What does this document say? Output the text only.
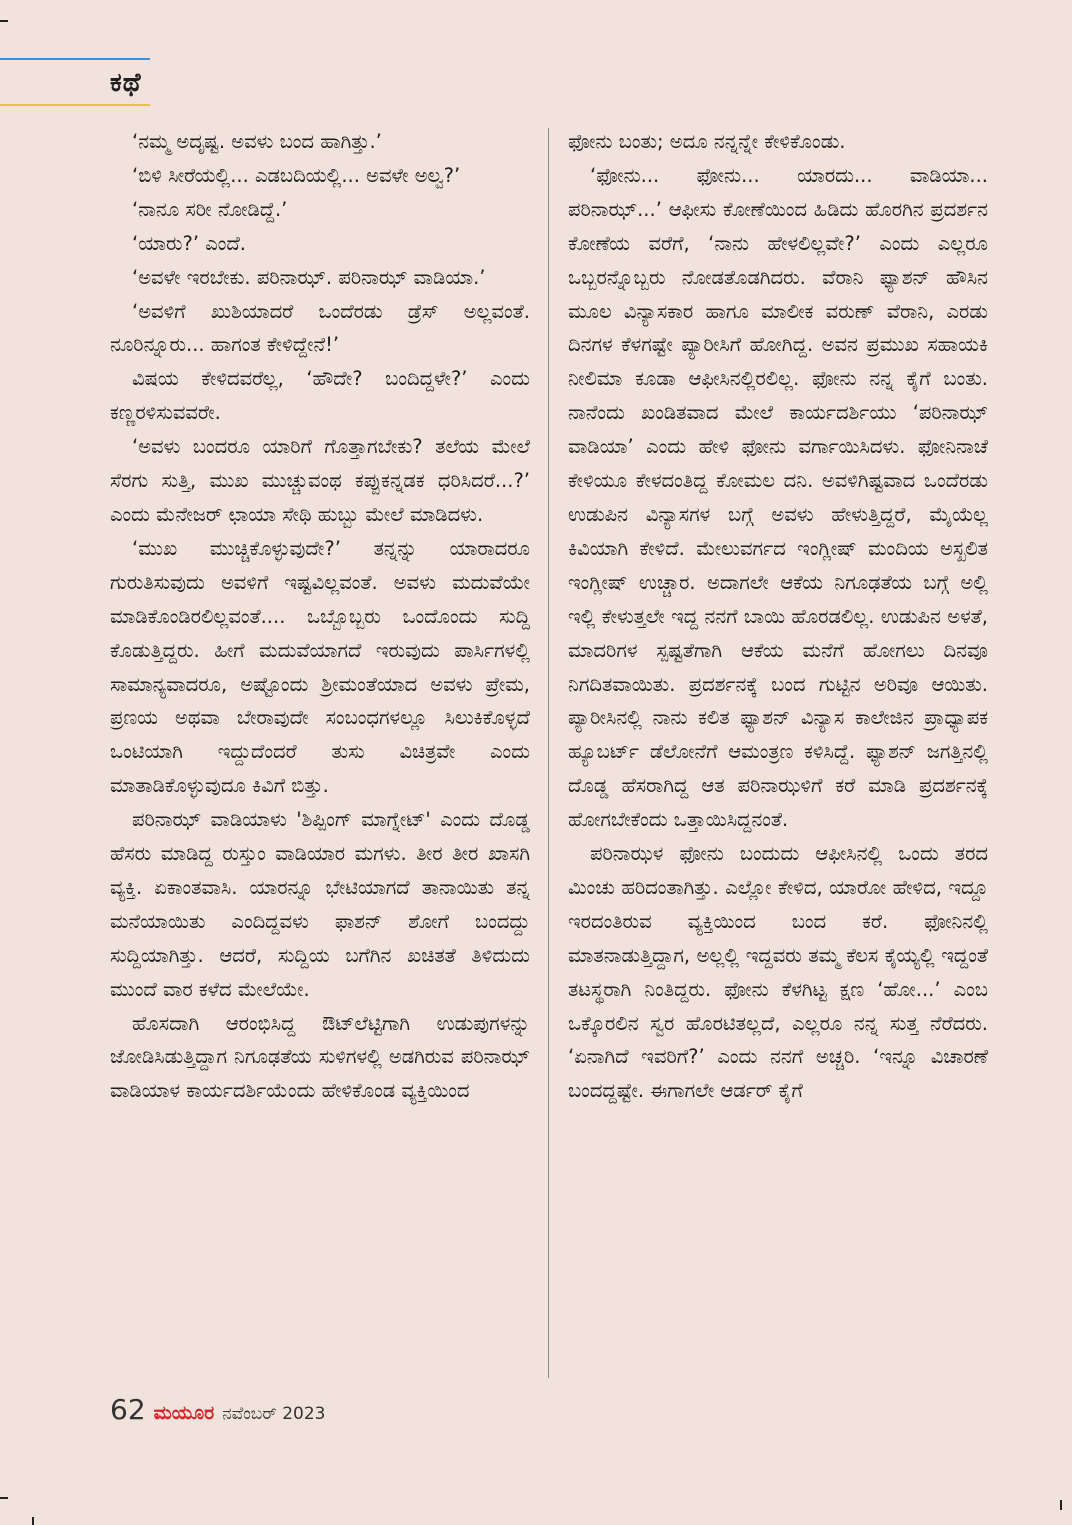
ಕಥೆ

‘ನಮ್ಮ ಅದೃಷ್ಟ. ಅವಳು ಬಂದ ಹಾಗಿತ್ತು.’

‘ಬಿಳಿ ಸೀರೆಯಲ್ಲಿ... ಎಡಬದಿಯಲ್ಲಿ... ಅವಳೇ ಅಲ್ವ?’

‘ನಾನೂ ಸರೀ ನೋಡಿದ್ದೆ.’

‘ಯಾರು?’ ಎಂದೆ.

‘ಅವಳೇ ಇರಬೇಕು. ಪರಿನಾಝ್. ಪರಿನಾಝ್ ವಾಡಿಯಾ.’

‘ಅವಳಿಗೆ ಖುಶಿಯಾದರೆ ಒಂದೆರಡು ಡ್ರೆಸ್ ಅಲ್ಲವಂತೆ. ನೂರಿನ್ನೂರು... ಹಾಗಂತ ಕೇಳಿದ್ದೇನೆ!’

ವಿಷಯ ಕೇಳಿದವರೆಲ್ಲ, ‘ಹೌದೇ? ಬಂದಿದ್ದಳೇ?’ ಎಂದು ಕಣ್ಣರಳಿಸುವವರೇ.

‘ಅವಳು ಬಂದರೂ ಯಾರಿಗೆ ಗೊತ್ತಾಗಬೇಕು? ತಲೆಯ ಮೇಲೆ ಸೆರಗು ಸುತ್ತಿ, ಮುಖ ಮುಚ್ಚುವಂಥ ಕಪ್ಪುಕನ್ನಡಕ ಧರಿಸಿದರೆ...?’ ಎಂದು ಮೆನೇಜರ್ ಛಾಯಾ ಸೇಥಿ ಹುಬ್ಬು ಮೇಲೆ ಮಾಡಿದಳು.

‘ಮುಖ ಮುಚ್ಚಿಕೊಳ್ಳುವುದೇ?’ ತನ್ನನ್ನು ಯಾರಾದರೂ ಗುರುತಿಸುವುದು ಅವಳಿಗೆ ಇಷ್ಟವಿಲ್ಲವಂತೆ. ಅವಳು ಮದುವೆಯೇ ಮಾಡಿಕೊಂಡಿರಲಿಲ್ಲವಂತೆ.... ಒಬ್ಬೊಬ್ಬರು ಒಂದೊಂದು ಸುದ್ದಿ ಕೊಡುತ್ತಿದ್ದರು. ಹೀಗೆ ಮದುವೆಯಾಗದೆ ಇರುವುದು ಪಾರ್ಸಿಗಳಲ್ಲಿ ಸಾಮಾನ್ಯವಾದರೂ, ಅಷ್ಟೊಂದು ಶ್ರೀಮಂತೆಯಾದ ಅವಳು ಪ್ರೇಮ, ಪ್ರಣಯ ಅಥವಾ ಬೇರಾವುದೇ ಸಂಬಂಧಗಳಲ್ಲೂ ಸಿಲುಕಿಕೊಳ್ಳದೆ ಒಂಟಿಯಾಗಿ ಇದ್ದುದೆಂದರೆ ತುಸು ವಿಚಿತ್ರವೇ ಎಂದು ಮಾತಾಡಿಕೊಳ್ಳುವುದೂ ಕಿವಿಗೆ ಬಿತ್ತು.

ಪರಿನಾಝ್ ವಾಡಿಯಾಳು 'ಶಿಪ್ಪಿಂಗ್ ಮಾಗ್ನೇಟ್' ಎಂದು ದೊಡ್ಡ ಹೆಸರು ಮಾಡಿದ್ದ ರುಸ್ತುಂ ವಾಡಿಯಾರ ಮಗಳು. ತೀರ ತೀರ ಖಾಸಗಿ ವ್ಯಕ್ತಿ. ಏಕಾಂತವಾಸಿ. ಯಾರನ್ನೂ ಭೇಟಿಯಾಗದೆ ತಾನಾಯಿತು ತನ್ನ ಮನೆಯಾಯಿತು ಎಂದಿದ್ದವಳು ಫಾಶನ್ ಶೋಗೆ ಬಂದದ್ದು ಸುದ್ದಿಯಾಗಿತ್ತು. ಆದರೆ, ಸುದ್ದಿಯ ಬಗೆಗಿನ ಖಚಿತತೆ ತಿಳಿದುದು ಮುಂದೆ ವಾರ ಕಳೆದ ಮೇಲೆಯೇ.

ಹೊಸದಾಗಿ ಆರಂಭಿಸಿದ್ದ ಔಟ್‌ಲೆಟ್ಟಿಗಾಗಿ ಉಡುಪುಗಳನ್ನು ಜೋಡಿಸಿಡುತ್ತಿದ್ದಾಗ ನಿಗೂಢತೆಯ ಸುಳಿಗಳಲ್ಲಿ ಅಡಗಿರುವ ಪರಿನಾಝ್ ವಾಡಿಯಾಳ ಕಾರ್ಯದರ್ಶಿಯೆಂದು ಹೇಳಿಕೊಂಡ ವ್ಯಕ್ತಿಯಿಂದ

ಫೋನು ಬಂತು; ಅದೂ ನನ್ನನ್ನೇ ಕೇಳಿಕೊಂಡು.

‘ಫೋನು... ಫೋನು... ಯಾರದು... ವಾಡಿಯಾ... ಪರಿನಾಝ್...’ ಆಫೀಸು ಕೋಣೆಯಿಂದ ಹಿಡಿದು ಹೊರಗಿನ ಪ್ರದರ್ಶನ ಕೋಣೆಯ ವರೆಗೆ, ‘ನಾನು ಹೇಳಲಿಲ್ಲವೇ?’ ಎಂದು ಎಲ್ಲರೂ ಒಬ್ಬರನ್ನೊಬ್ಬರು ನೋಡತೊಡಗಿದರು. ವೆರಾನಿ ಫ್ಯಾಶನ್ ಹೌಸಿನ ಮೂಲ ವಿನ್ಯಾಸಕಾರ ಹಾಗೂ ಮಾಲೀಕ ವರುಣ್ ವೆರಾನಿ, ಎರಡು ದಿನಗಳ ಕೆಳಗಷ್ಟೇ ಪ್ಯಾರೀಸಿಗೆ ಹೋಗಿದ್ದ. ಅವನ ಪ್ರಮುಖ ಸಹಾಯಕಿ ನೀಲಿಮಾ ಕೂಡಾ ಆಫೀಸಿನಲ್ಲಿರಲಿಲ್ಲ. ಫೋನು ನನ್ನ ಕೈಗೆ ಬಂತು. ನಾನೆಂದು ಖಂಡಿತವಾದ ಮೇಲೆ ಕಾರ್ಯದರ್ಶಿಯು ‘ಪರಿನಾಝ್ ವಾಡಿಯಾ’ ಎಂದು ಹೇಳಿ ಫೋನು ವರ್ಗಾಯಿಸಿದಳು. ಫೋನಿನಾಚೆ ಕೇಳಿಯೂ ಕೇಳದಂತಿದ್ದ ಕೋಮಲ ದನಿ. ಅವಳಿಗಿಷ್ಟವಾದ ಒಂದೆರಡು ಉಡುಪಿನ ವಿನ್ಯಾಸಗಳ ಬಗ್ಗೆ ಅವಳು ಹೇಳುತ್ತಿದ್ದರೆ, ಮೈಯೆಲ್ಲ ಕಿವಿಯಾಗಿ ಕೇಳಿದೆ. ಮೇಲುವರ್ಗದ ಇಂಗ್ಲೀಷ್ ಮಂದಿಯ ಅಸ್ಖಲಿತ ಇಂಗ್ಲೀಷ್ ಉಚ್ಚಾರ. ಅದಾಗಲೇ ಆಕೆಯ ನಿಗೂಢತೆಯ ಬಗ್ಗೆ ಅಲ್ಲಿ ಇಲ್ಲಿ ಕೇಳುತ್ತಲೇ ಇದ್ದ ನನಗೆ ಬಾಯಿ ಹೊರಡಲಿಲ್ಲ. ಉಡುಪಿನ ಅಳತೆ, ಮಾದರಿಗಳ ಸ್ಪಷ್ಟತೆಗಾಗಿ ಆಕೆಯ ಮನೆಗೆ ಹೋಗಲು ದಿನವೂ ನಿಗದಿತವಾಯಿತು. ಪ್ರದರ್ಶನಕ್ಕೆ ಬಂದ ಗುಟ್ಟಿನ ಅರಿವೂ ಆಯಿತು. ಪ್ಯಾರೀಸಿನಲ್ಲಿ ನಾನು ಕಲಿತ ಫ್ಯಾಶನ್ ವಿನ್ಯಾಸ ಕಾಲೇಜಿನ ಪ್ರಾಧ್ಯಾಪಕ ಹ್ಯೂಬರ್ಟ್ ಡೆಲೋನೆಗೆ ಆಮಂತ್ರಣ ಕಳಿಸಿದ್ದೆ. ಫ್ಯಾಶನ್ ಜಗತ್ತಿನಲ್ಲಿ ದೊಡ್ಡ ಹೆಸರಾಗಿದ್ದ ಆತ ಪರಿನಾಝಳಿಗೆ ಕರೆ ಮಾಡಿ ಪ್ರದರ್ಶನಕ್ಕೆ ಹೋಗಬೇಕೆಂದು ಒತ್ತಾಯಿಸಿದ್ದನಂತೆ.

ಪರಿನಾಝಳ ಫೋನು ಬಂದುದು ಆಫೀಸಿನಲ್ಲಿ ಒಂದು ತರದ ಮಿಂಚು ಹರಿದಂತಾಗಿತ್ತು. ಎಲ್ಲೋ ಕೇಳಿದ, ಯಾರೋ ಹೇಳಿದ, ಇದ್ದೂ ಇರದಂತಿರುವ ವ್ಯಕ್ತಿಯಿಂದ ಬಂದ ಕರೆ. ಫೋನಿನಲ್ಲಿ ಮಾತನಾಡುತ್ತಿದ್ದಾಗ, ಅಲ್ಲಲ್ಲಿ ಇದ್ದವರು ತಮ್ಮ ಕೆಲಸ ಕೈಯ್ಯಲ್ಲಿ ಇದ್ದಂತೆ ತಟಸ್ಥರಾಗಿ ನಿಂತಿದ್ದರು. ಫೋನು ಕೆಳಗಿಟ್ಟ ಕ್ಷಣ ‘ಹೋ...’ ಎಂಬ ಒಕ್ಕೊರಲಿನ ಸ್ವರ ಹೊರಟಿತಲ್ಲದೆ, ಎಲ್ಲರೂ ನನ್ನ ಸುತ್ತ ನೆರೆದರು. ‘ಏನಾಗಿದೆ ಇವರಿಗೆ?’ ಎಂದು ನನಗೆ ಅಚ್ಚರಿ. ‘ಇನ್ನೂ ವಿಚಾರಣೆ ಬಂದದ್ದಷ್ಟೇ. ಈಗಾಗಲೇ ಆರ್ಡರ್ ಕೈಗೆ

62 ಮಯೂರ ನವೆಂಬರ್ 2023
